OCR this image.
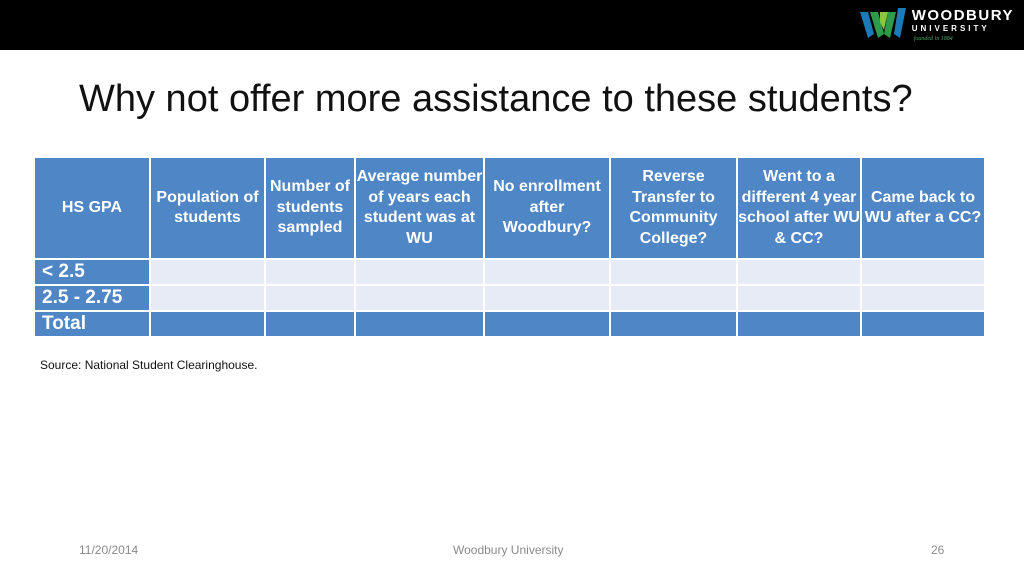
WOODBURY
UNIVERSITY
founded in 1884
Why not offer more assistance to these students?
HS GPA	Population of students	Number of students sampled	Average number of years each student was at WU	No enrollment after Woodbury?	Reverse Transfer to Community College?	Went to a different 4 year school after WU & CC?	Came back to WU after a CC?
< 2.5							
2.5 - 2.75							
Total							
Source: National Student Clearinghouse.
11/20/2014	Woodbury University	26
